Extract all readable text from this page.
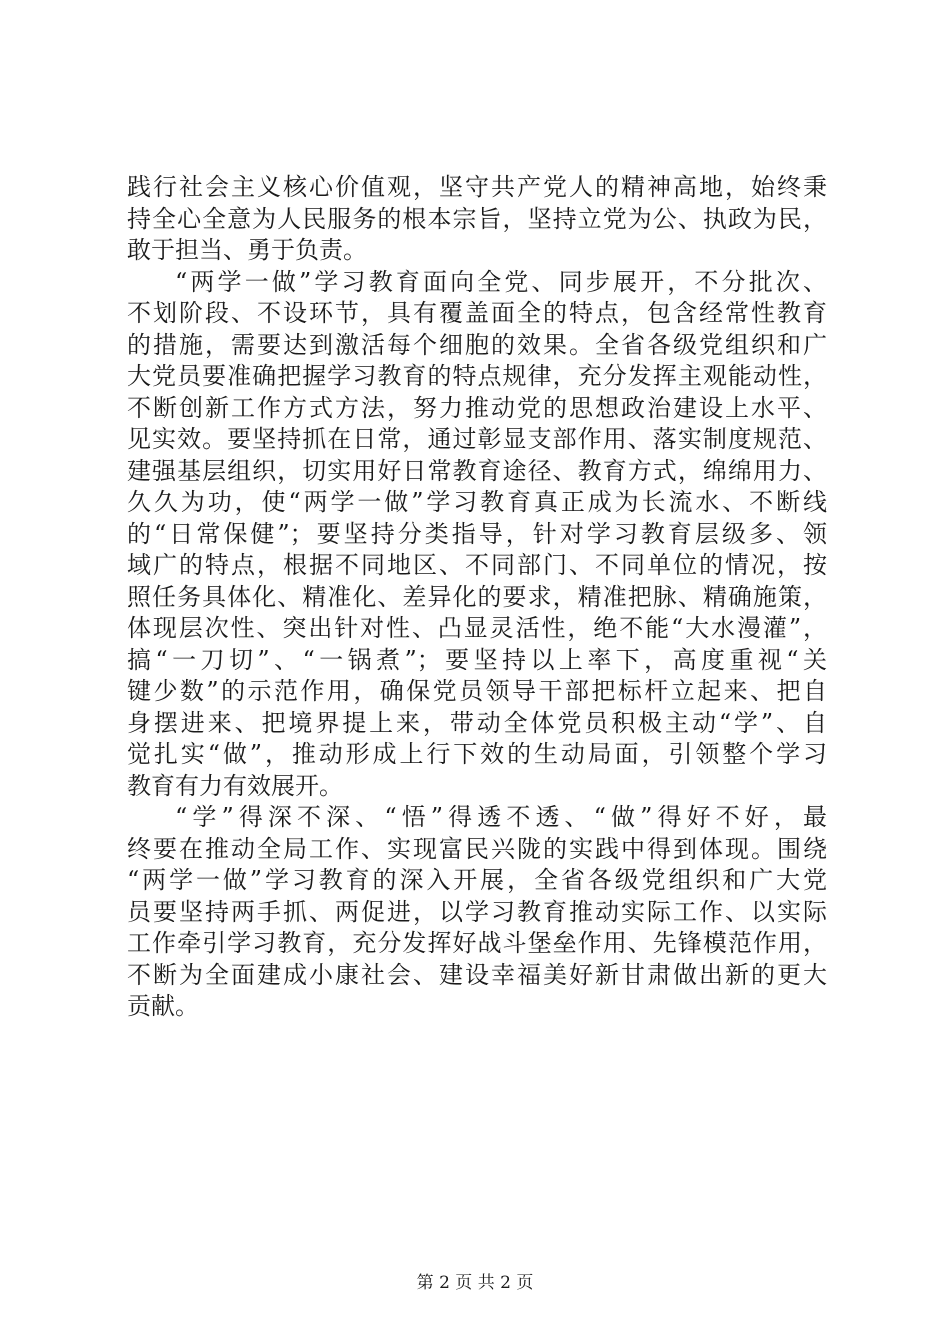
践行社会主义核心价值观，坚守共产党人的精神高地，始终秉
持全心全意为人民服务的根本宗旨，坚持立党为公、执政为民，
敢于担当、勇于负责。
“两学一做”学习教育面向全党、同步展开，不分批次、
不划阶段、不设环节，具有覆盖面全的特点，包含经常性教育
的措施，需要达到激活每个细胞的效果。全省各级党组织和广
大党员要准确把握学习教育的特点规律，充分发挥主观能动性，
不断创新工作方式方法，努力推动党的思想政治建设上水平、
见实效。要坚持抓在日常，通过彰显支部作用、落实制度规范、
建强基层组织，切实用好日常教育途径、教育方式，绵绵用力、
久久为功，使“两学一做”学习教育真正成为长流水、不断线
的“日常保健”；要坚持分类指导，针对学习教育层级多、领
域广的特点，根据不同地区、不同部门、不同单位的情况，按
照任务具体化、精准化、差异化的要求，精准把脉、精确施策，
体现层次性、突出针对性、凸显灵活性，绝不能“大水漫灌”，
搞“一刀切”、“一锅煮”；要坚持以上率下，高度重视“关
键少数”的示范作用，确保党员领导干部把标杆立起来、把自
身摆进来、把境界提上来，带动全体党员积极主动“学”、自
觉扎实“做”，推动形成上行下效的生动局面，引领整个学习
教育有力有效展开。
“学”得深不深、“悟”得透不透、“做”得好不好，最
终要在推动全局工作、实现富民兴陇的实践中得到体现。围绕
“两学一做”学习教育的深入开展，全省各级党组织和广大党
员要坚持两手抓、两促进，以学习教育推动实际工作、以实际
工作牵引学习教育，充分发挥好战斗堡垒作用、先锋模范作用，
不断为全面建成小康社会、建设幸福美好新甘肃做出新的更大
贡献。
第 2 页 共 2 页
